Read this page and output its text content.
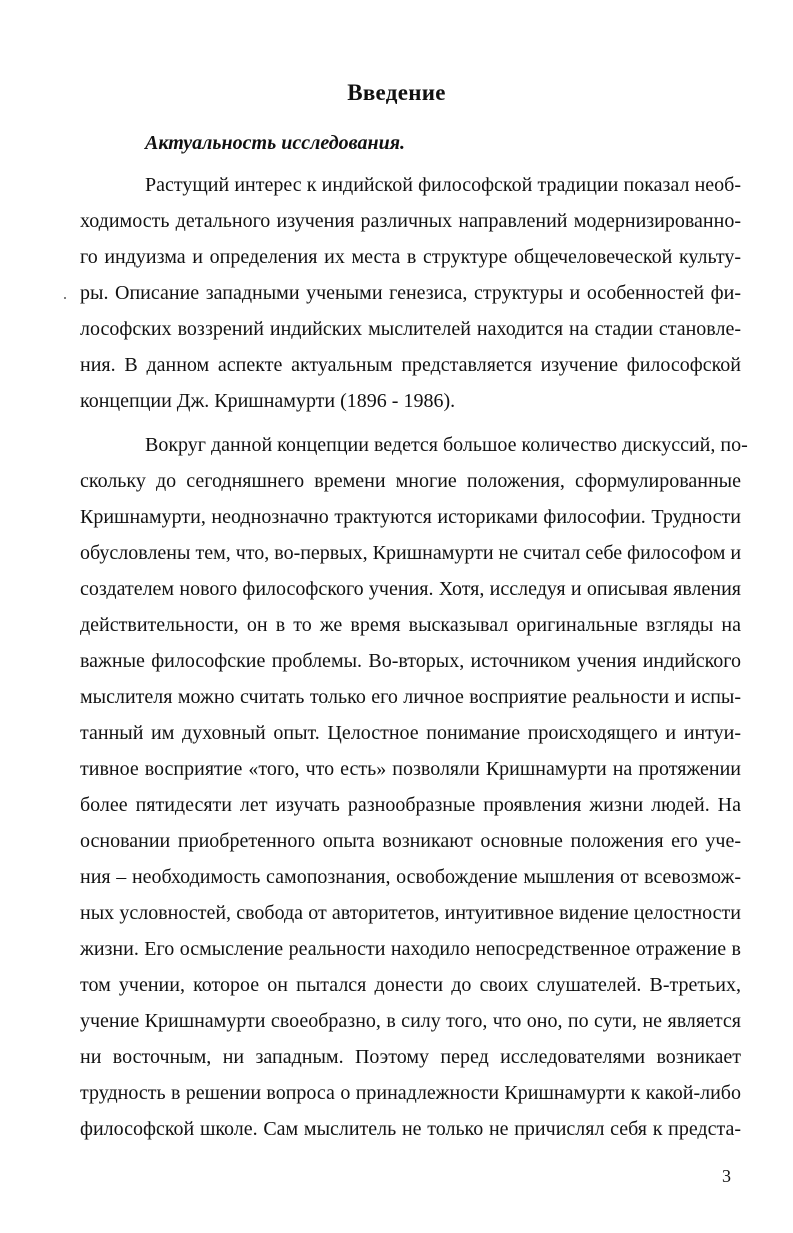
Введение

Актуальность исследования.

Растущий интерес к индийской философской традиции показал необ-

ходимость детального изучения различных направлений модернизированно-

го индуизма и определения их места в структуре общечеловеческой культу-

ры. Описание западными учеными генезиса, структуры и особенностей фи-

лософских воззрений индийских мыслителей находится на стадии становле-

ния. В данном аспекте актуальным представляется изучение философской

концепции Дж. Кришнамурти (1896 - 1986).

Вокруг данной концепции ведется большое количество дискуссий, по-

скольку до сегодняшнего времени многие положения, сформулированные

Кришнамурти, неоднозначно трактуются историками философии. Трудности

обусловлены тем, что, во-первых, Кришнамурти не считал себе философом и

создателем нового философского учения. Хотя, исследуя и описывая явления

действительности, он в то же время высказывал оригинальные взгляды на

важные философские проблемы. Во-вторых, источником учения индийского

мыслителя можно считать только его личное восприятие реальности и испы-

танный им духовный опыт. Целостное понимание происходящего и интуи-

тивное восприятие «того, что есть» позволяли Кришнамурти на протяжении

более пятидесяти лет изучать разнообразные проявления жизни людей. На

основании приобретенного опыта возникают основные положения его уче-

ния – необходимость самопознания, освобождение мышления от всевозмож-

ных условностей, свобода от авторитетов, интуитивное видение целостности

жизни. Его осмысление реальности находило непосредственное отражение в

том учении, которое он пытался донести до своих слушателей. В-третьих,

учение Кришнамурти своеобразно, в силу того, что оно, по сути, не является

ни восточным, ни западным. Поэтому перед исследователями возникает

трудность в решении вопроса о принадлежности Кришнамурти к какой-либо

философской школе. Сам мыслитель не только не причислял себя к предста-

3
